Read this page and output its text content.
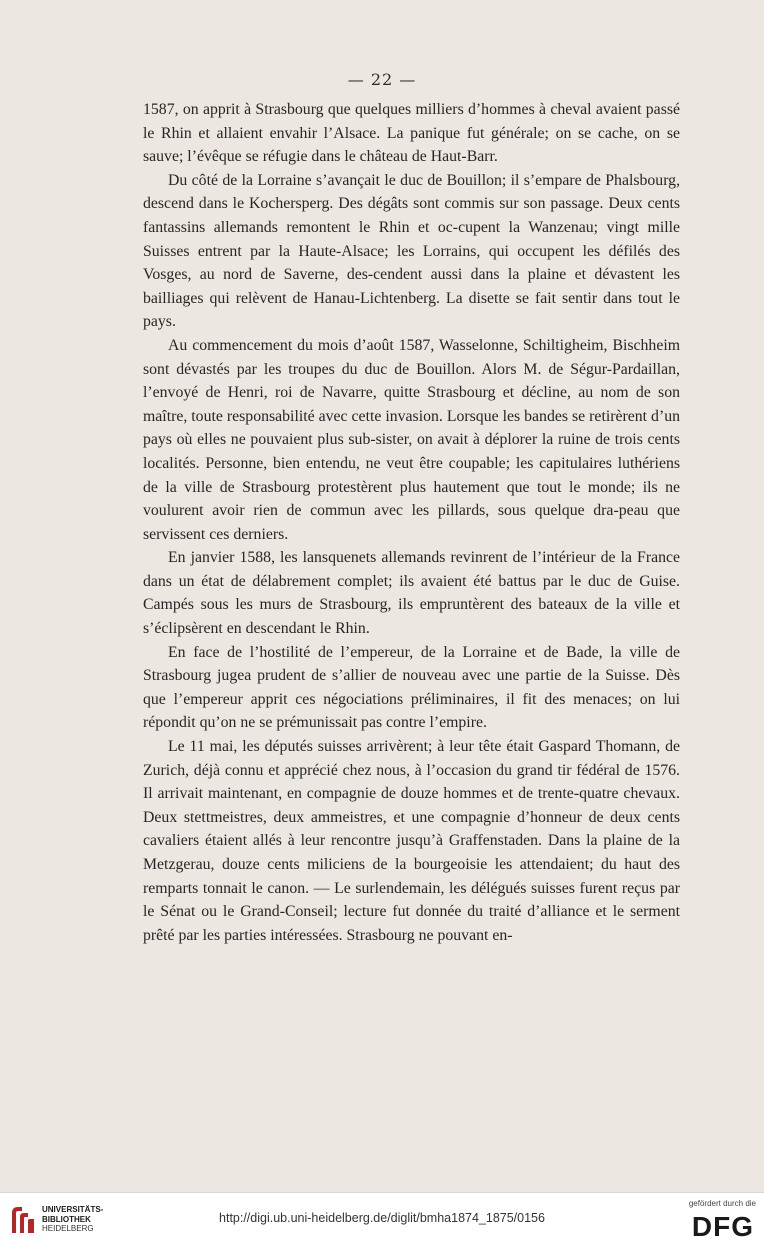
— 22 —

1587, on apprit à Strasbourg que quelques milliers d’hommes à cheval avaient passé le Rhin et allaient envahir l’Alsace. La panique fut générale; on se cache, on se sauve; l’évêque se réfugie dans le château de Haut-Barr.

Du côté de la Lorraine s’avançait le duc de Bouillon; il s’empare de Phalsbourg, descend dans le Kochersperg. Des dégâts sont commis sur son passage. Deux cents fantassins allemands remontent le Rhin et oc-cupent la Wanzenau; vingt mille Suisses entrent par la Haute-Alsace; les Lorrains, qui occupent les défilés des Vosges, au nord de Saverne, des-cendent aussi dans la plaine et dévastent les bailliages qui relèvent de Hanau-Lichtenberg. La disette se fait sentir dans tout le pays.

Au commencement du mois d’août 1587, Wasselonne, Schiltigheim, Bischheim sont dévastés par les troupes du duc de Bouillon. Alors M. de Ségur-Pardaillan, l’envoyé de Henri, roi de Navarre, quitte Strasbourg et décline, au nom de son maître, toute responsabilité avec cette invasion. Lorsque les bandes se retirèrent d’un pays où elles ne pouvaient plus sub-sister, on avait à déplorer la ruine de trois cents localités. Personne, bien entendu, ne veut être coupable; les capitulaires luthériens de la ville de Strasbourg protestèrent plus hautement que tout le monde; ils ne voulurent avoir rien de commun avec les pillards, sous quelque dra-peau que servissent ces derniers.

En janvier 1588, les lansquenets allemands revinrent de l’intérieur de la France dans un état de délabrement complet; ils avaient été battus par le duc de Guise. Campés sous les murs de Strasbourg, ils empruntèrent des bateaux de la ville et s’éclipsèrent en descendant le Rhin.

En face de l’hostilité de l’empereur, de la Lorraine et de Bade, la ville de Strasbourg jugea prudent de s’allier de nouveau avec une partie de la Suisse. Dès que l’empereur apprit ces négociations préliminaires, il fit des menaces; on lui répondit qu’on ne se prémunissait pas contre l’empire.

Le 11 mai, les députés suisses arrivèrent; à leur tête était Gaspard Thomann, de Zurich, déjà connu et apprécié chez nous, à l’occasion du grand tir fédéral de 1576. Il arrivait maintenant, en compagnie de douze hommes et de trente-quatre chevaux. Deux stettmeistres, deux ammeistres, et une compagnie d’honneur de deux cents cavaliers étaient allés à leur rencontre jusqu’à Graffenstaden. Dans la plaine de la Metzgerau, douze cents miliciens de la bourgeoisie les attendaient; du haut des remparts tonnait le canon. — Le surlendemain, les délégués suisses furent reçus par le Sénat ou le Grand-Conseil; lecture fut donnée du traité d’alliance et le serment prêté par les parties intéressées. Strasbourg ne pouvant en-

UNIVERSITÄTS-
BIBLIOTHEK
HEIDELBERG
http://digi.ub.uni-heidelberg.de/diglit/bmha1874_1875/0156
gefördert durch die
DFG
